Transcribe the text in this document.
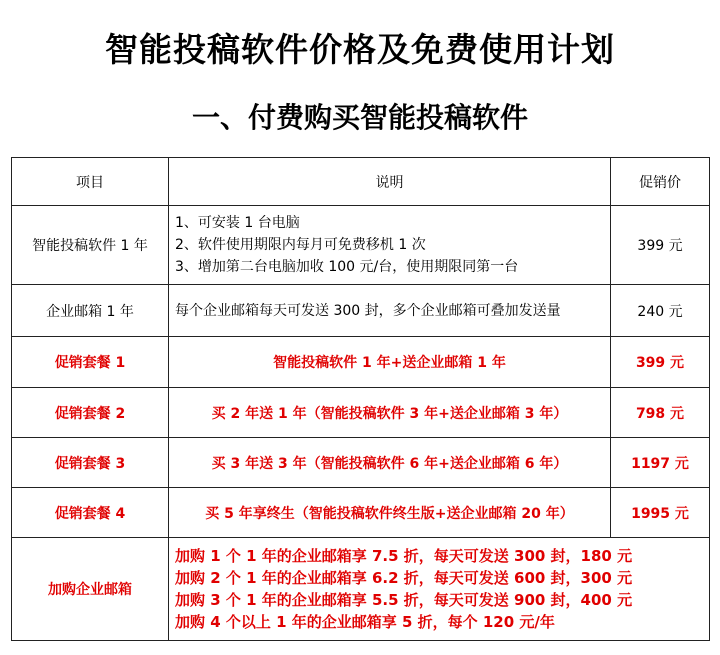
智能投稿软件价格及免费使用计划
一、付费购买智能投稿软件
项目	说明	促销价
智能投稿软件 1 年	1、可安装 1 台电脑
2、软件使用期限内每月可免费移机 1 次
3、增加第二台电脑加收 100 元/台，使用期限同第一台	399 元
企业邮箱 1 年	每个企业邮箱每天可发送 300 封，多个企业邮箱可叠加发送量	240 元
促销套餐 1	智能投稿软件 1 年+送企业邮箱 1 年	399 元
促销套餐 2	买 2 年送 1 年（智能投稿软件 3 年+送企业邮箱 3 年）	798 元
促销套餐 3	买 3 年送 3 年（智能投稿软件 6 年+送企业邮箱 6 年）	1197 元
促销套餐 4	买 5 年享终生（智能投稿软件终生版+送企业邮箱 20 年）	1995 元
加购企业邮箱	加购 1 个 1 年的企业邮箱享 7.5 折，每天可发送 300 封，180 元
加购 2 个 1 年的企业邮箱享 6.2 折，每天可发送 600 封，300 元
加购 3 个 1 年的企业邮箱享 5.5 折，每天可发送 900 封，400 元
加购 4 个以上 1 年的企业邮箱享 5 折，每个 120 元/年	
